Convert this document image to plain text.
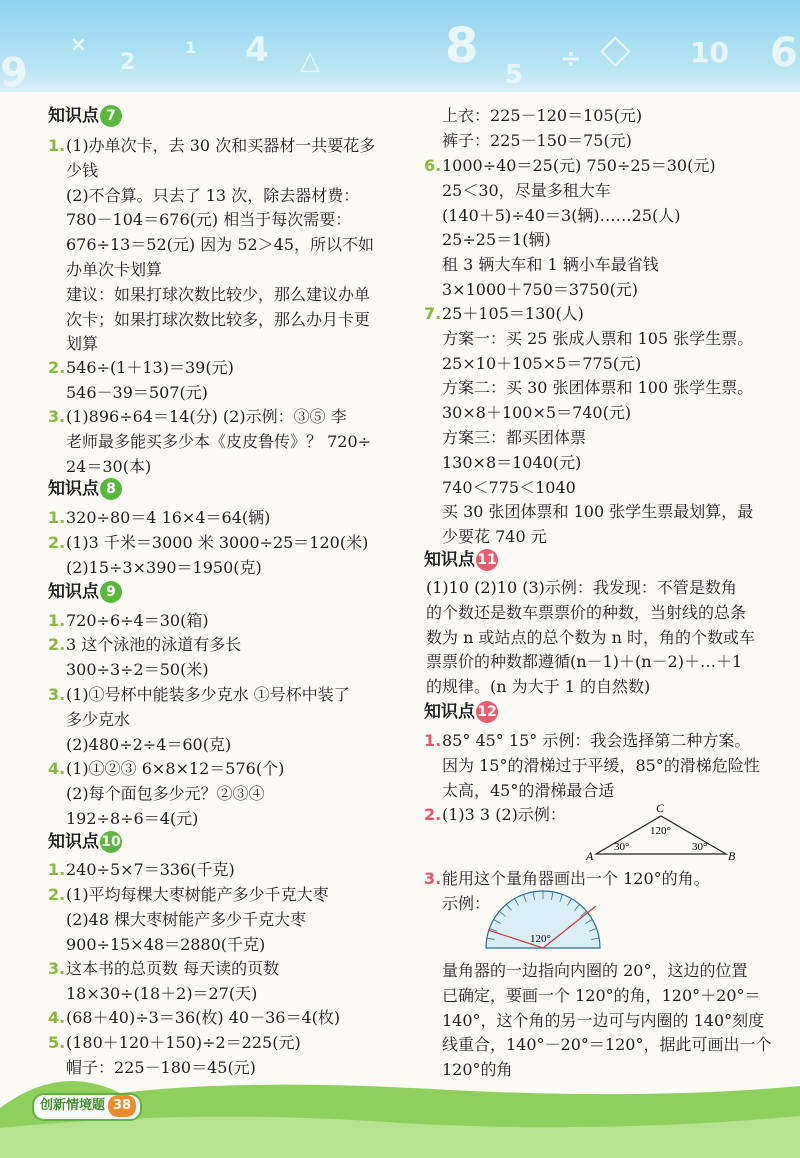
9
×
2
1 4 △	8
5
÷	10
◇	6
知识点 7
1. (1)办单次卡，去 30 次和买器材一共要花多
少钱
(2)不合算。只去了 13 次，除去器材费：
780－104＝676(元) 相当于每次需要：
676÷13＝52(元) 因为 52＞45，所以不如
办单次卡划算
建议：如果打球次数比较少，那么建议办单
次卡；如果打球次数比较多，那么办月卡更
划算
2. 546÷(1＋13)＝39(元)
546－39＝507(元)
3. (1)896÷64＝14(分) (2)示例：③⑤ 李
老师最多能买多少本《皮皮鲁传》？ 720÷
24＝30(本)
知识点 8
1. 320÷80＝4 16×4＝64(辆)
2. (1)3 千米＝3000 米 3000÷25＝120(米)
(2)15÷3×390＝1950(克)
知识点 9
1. 720÷6÷4＝30(箱)
2. 3 这个泳池的泳道有多长
300÷3÷2＝50(米)
3. (1)①号杯中能装多少克水 ①号杯中装了
多少克水
(2)480÷2÷4＝60(克)
4. (1)①②③ 6×8×12＝576(个)
(2)每个面包多少元？②③④
192÷8÷6＝4(元)
知识点 10
1. 240÷5×7＝336(千克)
2. (1)平均每棵大枣树能产多少千克大枣
(2)48 棵大枣树能产多少千克大枣
900÷15×48＝2880(千克)
3. 这本书的总页数 每天读的页数
18×30÷(18＋2)＝27(天)
4. (68＋40)÷3＝36(枚) 40－36＝4(枚)
5. (180＋120＋150)÷2＝225(元)
帽子：225－180＝45(元)
上衣：225－120＝105(元)
裤子：225－150＝75(元)
6. 1000÷40＝25(元) 750÷25＝30(元)
25＜30，尽量多租大车
(140＋5)÷40＝3(辆)……25(人)
25÷25＝1(辆)
租 3 辆大车和 1 辆小车最省钱
3×1000＋750＝3750(元)
7. 25＋105＝130(人)
方案一：买 25 张成人票和 105 张学生票。
25×10＋105×5＝775(元)
方案二：买 30 张团体票和 100 张学生票。
30×8＋100×5＝740(元)
方案三：都买团体票
130×8＝1040(元)
740＜775＜1040
买 30 张团体票和 100 张学生票最划算，最
少要花 740 元
知识点 11
(1)10 (2)10 (3)示例：我发现：不管是数角
的个数还是数车票票价的种数，当射线的总条
数为 n 或站点的总个数为 n 时，角的个数或车
票票价的种数都遵循(n－1)＋(n－2)＋…＋1
的规律。(n 为大于 1 的自然数)
知识点 12
1. 85° 45° 15° 示例：我会选择第二种方案。
因为 15°的滑梯过于平缓，85°的滑梯危险性
太高，45°的滑梯最合适
2. (1)3 3 (2)示例：
3. 能用这个量角器画出一个 120°的角。
示例：
量角器的一边指向内圈的 20°，这边的位置
已确定，要画一个 120°的角，120°＋20°＝
140°，这个角的另一边可与内圈的 140°刻度
线重合，140°－20°＝120°，据此可画出一个
120°的角
创新情境题 38
A	B
C
30°	30°
120°
120°
